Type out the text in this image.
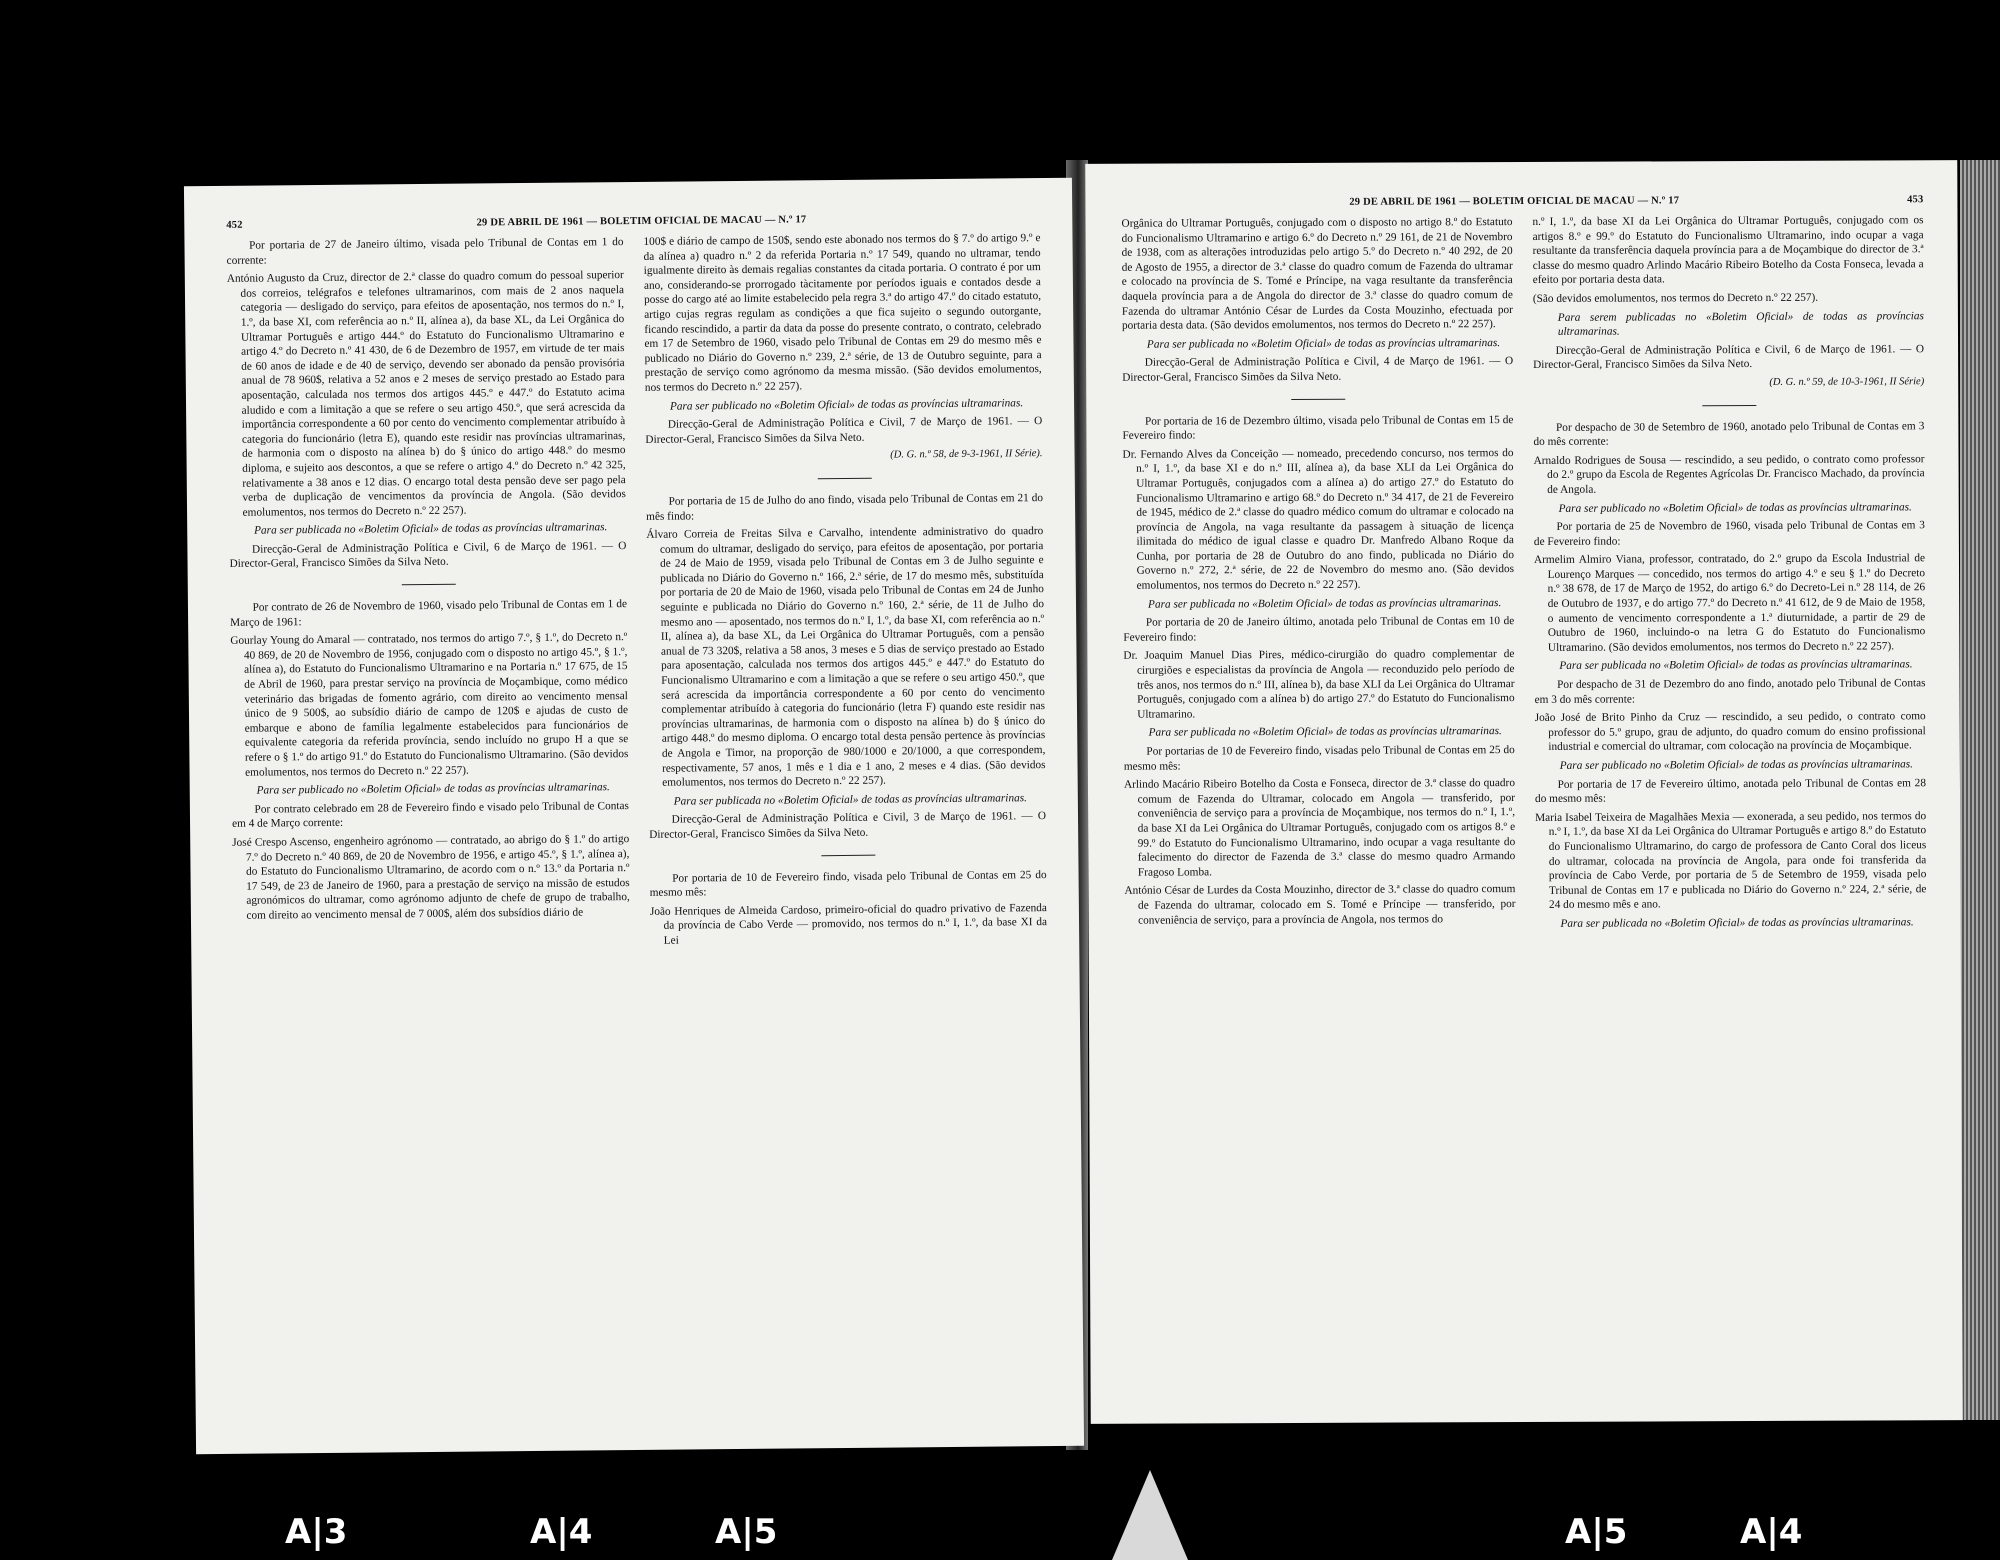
452	29 DE ABRIL DE 1961 — BOLETIM OFICIAL DE MACAU — N.º 17

Por portaria de 27 de Janeiro último, visada pelo Tribunal de Contas em 1 do corrente:

António Augusto da Cruz, director de 2.ª classe do quadro comum do pessoal superior dos correios, telégrafos e telefones ultramarinos, com mais de 2 anos naquela categoria — desligado do serviço, para efeitos de aposentação, nos termos do n.º I, 1.º, da base XI, com referência ao n.º II, alínea a), da base XL, da Lei Orgânica do Ultramar Português e artigo 444.º do Estatuto do Funcionalismo Ultramarino e artigo 4.º do Decreto n.º 41 430, de 6 de Dezembro de 1957, em virtude de ter mais de 60 anos de idade e de 40 de serviço, devendo ser abonado da pensão provisória anual de 78 960$, relativa a 52 anos e 2 meses de serviço prestado ao Estado para aposentação, calculada nos termos dos artigos 445.º e 447.º do Estatuto acima aludido e com a limitação a que se refere o seu artigo 450.º, que será acrescida da importância correspondente a 60 por cento do vencimento complementar atribuído à categoria do funcionário (letra E), quando este residir nas províncias ultramarinas, de harmonia com o disposto na alínea b) do § único do artigo 448.º do mesmo diploma, e sujeito aos descontos, a que se refere o artigo 4.º do Decreto n.º 42 325, relativamente a 38 anos e 12 dias. O encargo total desta pensão deve ser pago pela verba de duplicação de vencimentos da província de Angola. (São devidos emolumentos, nos termos do Decreto n.º 22 257).

Para ser publicada no «Boletim Oficial» de todas as províncias ultramarinas.

Direcção-Geral de Administração Política e Civil, 6 de Março de 1961. — O Director-Geral, Francisco Simões da Silva Neto.

Por contrato de 26 de Novembro de 1960, visado pelo Tribunal de Contas em 1 de Março de 1961:

Gourlay Young do Amaral — contratado, nos termos do artigo 7.º, § 1.º, do Decreto n.º 40 869, de 20 de Novembro de 1956, conjugado com o disposto no artigo 45.º, § 1.º, alínea a), do Estatuto do Funcionalismo Ultramarino e na Portaria n.º 17 675, de 15 de Abril de 1960, para prestar serviço na província de Moçambique, como médico veterinário das brigadas de fomento agrário, com direito ao vencimento mensal único de 9 500$, ao subsídio diário de campo de 120$ e ajudas de custo de embarque e abono de família legalmente estabelecidos para funcionários de equivalente categoria da referida província, sendo incluído no grupo H a que se refere o § 1.º do artigo 91.º do Estatuto do Funcionalismo Ultramarino. (São devidos emolumentos, nos termos do Decreto n.º 22 257).

Para ser publicado no «Boletim Oficial» de todas as províncias ultramarinas.

Por contrato celebrado em 28 de Fevereiro findo e visado pelo Tribunal de Contas em 4 de Março corrente:

José Crespo Ascenso, engenheiro agrónomo — contratado, ao abrigo do § 1.º do artigo 7.º do Decreto n.º 40 869, de 20 de Novembro de 1956, e artigo 45.º, § 1.º, alínea a), do Estatuto do Funcionalismo Ultramarino, de acordo com o n.º 13.º da Portaria n.º 17 549, de 23 de Janeiro de 1960, para a prestação de serviço na missão de estudos agronómicos do ultramar, como agrónomo adjunto de chefe de grupo de trabalho, com direito ao vencimento mensal de 7 000$, além dos subsídios diário de

100$ e diário de campo de 150$, sendo este abonado nos termos do § 7.º do artigo 9.º e da alínea a) quadro n.º 2 da referida Portaria n.º 17 549, quando no ultramar, tendo igualmente direito às demais regalias constantes da citada portaria. O contrato é por um ano, considerando-se prorrogado tàcitamente por períodos iguais e contados desde a posse do cargo até ao limite estabelecido pela regra 3.ª do artigo 47.º do citado estatuto, artigo cujas regras regulam as condições a que fica sujeito o segundo outorgante, ficando rescindido, a partir da data da posse do presente contrato, o contrato, celebrado em 17 de Setembro de 1960, visado pelo Tribunal de Contas em 29 do mesmo mês e publicado no Diário do Governo n.º 239, 2.ª série, de 13 de Outubro seguinte, para a prestação de serviço como agrónomo da mesma missão. (São devidos emolumentos, nos termos do Decreto n.º 22 257).

Para ser publicado no «Boletim Oficial» de todas as províncias ultramarinas.

Direcção-Geral de Administração Política e Civil, 7 de Março de 1961. — O Director-Geral, Francisco Simões da Silva Neto.

(D. G. n.º 58, de 9-3-1961, II Série).

Por portaria de 15 de Julho do ano findo, visada pelo Tribunal de Contas em 21 do mês findo:

Álvaro Correia de Freitas Silva e Carvalho, intendente administrativo do quadro comum do ultramar, desligado do serviço, para efeitos de aposentação, por portaria de 24 de Maio de 1959, visada pelo Tribunal de Contas em 3 de Julho seguinte e publicada no Diário do Governo n.º 166, 2.ª série, de 17 do mesmo mês, substituída por portaria de 20 de Maio de 1960, visada pelo Tribunal de Contas em 24 de Junho seguinte e publicada no Diário do Governo n.º 160, 2.ª série, de 11 de Julho do mesmo ano — aposentado, nos termos do n.º I, 1.º, da base XI, com referência ao n.º II, alínea a), da base XL, da Lei Orgânica do Ultramar Português, com a pensão anual de 73 320$, relativa a 58 anos, 3 meses e 5 dias de serviço prestado ao Estado para aposentação, calculada nos termos dos artigos 445.º e 447.º do Estatuto do Funcionalismo Ultramarino e com a limitação a que se refere o seu artigo 450.º, que será acrescida da importância correspondente a 60 por cento do vencimento complementar atribuído à categoria do funcionário (letra F) quando este residir nas províncias ultramarinas, de harmonia com o disposto na alínea b) do § único do artigo 448.º do mesmo diploma. O encargo total desta pensão pertence às províncias de Angola e Timor, na proporção de 980/1000 e 20/1000, a que correspondem, respectivamente, 57 anos, 1 mês e 1 dia e 1 ano, 2 meses e 4 dias. (São devidos emolumentos, nos termos do Decreto n.º 22 257).

Para ser publicada no «Boletim Oficial» de todas as províncias ultramarinas.

Direcção-Geral de Administração Política e Civil, 3 de Março de 1961. — O Director-Geral, Francisco Simões da Silva Neto.

Por portaria de 10 de Fevereiro findo, visada pelo Tribunal de Contas em 25 do mesmo mês:

João Henriques de Almeida Cardoso, primeiro-oficial do quadro privativo de Fazenda da província de Cabo Verde — promovido, nos termos do n.º I, 1.º, da base XI da Lei

29 DE ABRIL DE 1961 — BOLETIM OFICIAL DE MACAU — N.º 17	453

Orgânica do Ultramar Português, conjugado com o disposto no artigo 8.º do Estatuto do Funcionalismo Ultramarino e artigo 6.º do Decreto n.º 29 161, de 21 de Novembro de 1938, com as alterações introduzidas pelo artigo 5.º do Decreto n.º 40 292, de 20 de Agosto de 1955, a director de 3.ª classe do quadro comum de Fazenda do ultramar e colocado na província de S. Tomé e Príncipe, na vaga resultante da transferência daquela província para a de Angola do director de 3.ª classe do quadro comum de Fazenda do ultramar António César de Lurdes da Costa Mouzinho, efectuada por portaria desta data. (São devidos emolumentos, nos termos do Decreto n.º 22 257).

Para ser publicada no «Boletim Oficial» de todas as províncias ultramarinas.

Direcção-Geral de Administração Política e Civil, 4 de Março de 1961. — O Director-Geral, Francisco Simões da Silva Neto.

Por portaria de 16 de Dezembro último, visada pelo Tribunal de Contas em 15 de Fevereiro findo:

Dr. Fernando Alves da Conceição — nomeado, precedendo concurso, nos termos do n.º I, 1.º, da base XI e do n.º III, alínea a), da base XLI da Lei Orgânica do Ultramar Português, conjugados com a alínea a) do artigo 27.º do Estatuto do Funcionalismo Ultramarino e artigo 68.º do Decreto n.º 34 417, de 21 de Fevereiro de 1945, médico de 2.ª classe do quadro médico comum do ultramar e colocado na província de Angola, na vaga resultante da passagem à situação de licença ilimitada do médico de igual classe e quadro Dr. Manfredo Albano Roque da Cunha, por portaria de 28 de Outubro do ano findo, publicada no Diário do Governo n.º 272, 2.ª série, de 22 de Novembro do mesmo ano. (São devidos emolumentos, nos termos do Decreto n.º 22 257).

Para ser publicada no «Boletim Oficial» de todas as províncias ultramarinas.

Por portaria de 20 de Janeiro último, anotada pelo Tribunal de Contas em 10 de Fevereiro findo:

Dr. Joaquim Manuel Dias Pires, médico-cirurgião do quadro complementar de cirurgiões e especialistas da província de Angola — reconduzido pelo período de três anos, nos termos do n.º III, alínea b), da base XLI da Lei Orgânica do Ultramar Português, conjugado com a alínea b) do artigo 27.º do Estatuto do Funcionalismo Ultramarino.

Para ser publicada no «Boletim Oficial» de todas as províncias ultramarinas.

Por portarias de 10 de Fevereiro findo, visadas pelo Tribunal de Contas em 25 do mesmo mês:

Arlindo Macário Ribeiro Botelho da Costa e Fonseca, director de 3.ª classe do quadro comum de Fazenda do Ultramar, colocado em Angola — transferido, por conveniência de serviço para a província de Moçambique, nos termos do n.º I, 1.º, da base XI da Lei Orgânica do Ultramar Português, conjugado com os artigos 8.º e 99.º do Estatuto do Funcionalismo Ultramarino, indo ocupar a vaga resultante do falecimento do director de Fazenda de 3.ª classe do mesmo quadro Armando Fragoso Lomba.

António César de Lurdes da Costa Mouzinho, director de 3.ª classe do quadro comum de Fazenda do ultramar, colocado em S. Tomé e Príncipe — transferido, por conveniência de serviço, para a província de Angola, nos termos do

n.º I, 1.º, da base XI da Lei Orgânica do Ultramar Português, conjugado com os artigos 8.º e 99.º do Estatuto do Funcionalismo Ultramarino, indo ocupar a vaga resultante da transferência daquela província para a de Moçambique do director de 3.ª classe do mesmo quadro Arlindo Macário Ribeiro Botelho da Costa Fonseca, levada a efeito por portaria desta data.

(São devidos emolumentos, nos termos do Decreto n.º 22 257).

Para serem publicadas no «Boletim Oficial» de todas as províncias ultramarinas.

Direcção-Geral de Administração Política e Civil, 6 de Março de 1961. — O Director-Geral, Francisco Simões da Silva Neto.

(D. G. n.º 59, de 10-3-1961, II Série)

Por despacho de 30 de Setembro de 1960, anotado pelo Tribunal de Contas em 3 do mês corrente:

Arnaldo Rodrigues de Sousa — rescindido, a seu pedido, o contrato como professor do 2.º grupo da Escola de Regentes Agrícolas Dr. Francisco Machado, da província de Angola.

Para ser publicado no «Boletim Oficial» de todas as províncias ultramarinas.

Por portaria de 25 de Novembro de 1960, visada pelo Tribunal de Contas em 3 de Fevereiro findo:

Armelim Almiro Viana, professor, contratado, do 2.º grupo da Escola Industrial de Lourenço Marques — concedido, nos termos do artigo 4.º e seu § 1.º do Decreto n.º 38 678, de 17 de Março de 1952, do artigo 6.º do Decreto-Lei n.º 28 114, de 26 de Outubro de 1937, e do artigo 77.º do Decreto n.º 41 612, de 9 de Maio de 1958, o aumento de vencimento correspondente a 1.ª diuturnidade, a partir de 29 de Outubro de 1960, incluindo-o na letra G do Estatuto do Funcionalismo Ultramarino. (São devidos emolumentos, nos termos do Decreto n.º 22 257).

Para ser publicada no «Boletim Oficial» de todas as províncias ultramarinas.

Por despacho de 31 de Dezembro do ano findo, anotado pelo Tribunal de Contas em 3 do mês corrente:

João José de Brito Pinho da Cruz — rescindido, a seu pedido, o contrato como professor do 5.º grupo, grau de adjunto, do quadro comum do ensino profissional industrial e comercial do ultramar, com colocação na província de Moçambique.

Para ser publicado no «Boletim Oficial» de todas as províncias ultramarinas.

Por portaria de 17 de Fevereiro último, anotada pelo Tribunal de Contas em 28 do mesmo mês:

Maria Isabel Teixeira de Magalhães Mexia — exonerada, a seu pedido, nos termos do n.º I, 1.º, da base XI da Lei Orgânica do Ultramar Português e artigo 8.º do Estatuto do Funcionalismo Ultramarino, do cargo de professora de Canto Coral dos liceus do ultramar, colocada na província de Angola, para onde foi transferida da província de Cabo Verde, por portaria de 5 de Setembro de 1959, visada pelo Tribunal de Contas em 17 e publicada no Diário do Governo n.º 224, 2.ª série, de 24 do mesmo mês e ano.

Para ser publicada no «Boletim Oficial» de todas as províncias ultramarinas.

A|3	A|4	A|5	A|5	A|4
